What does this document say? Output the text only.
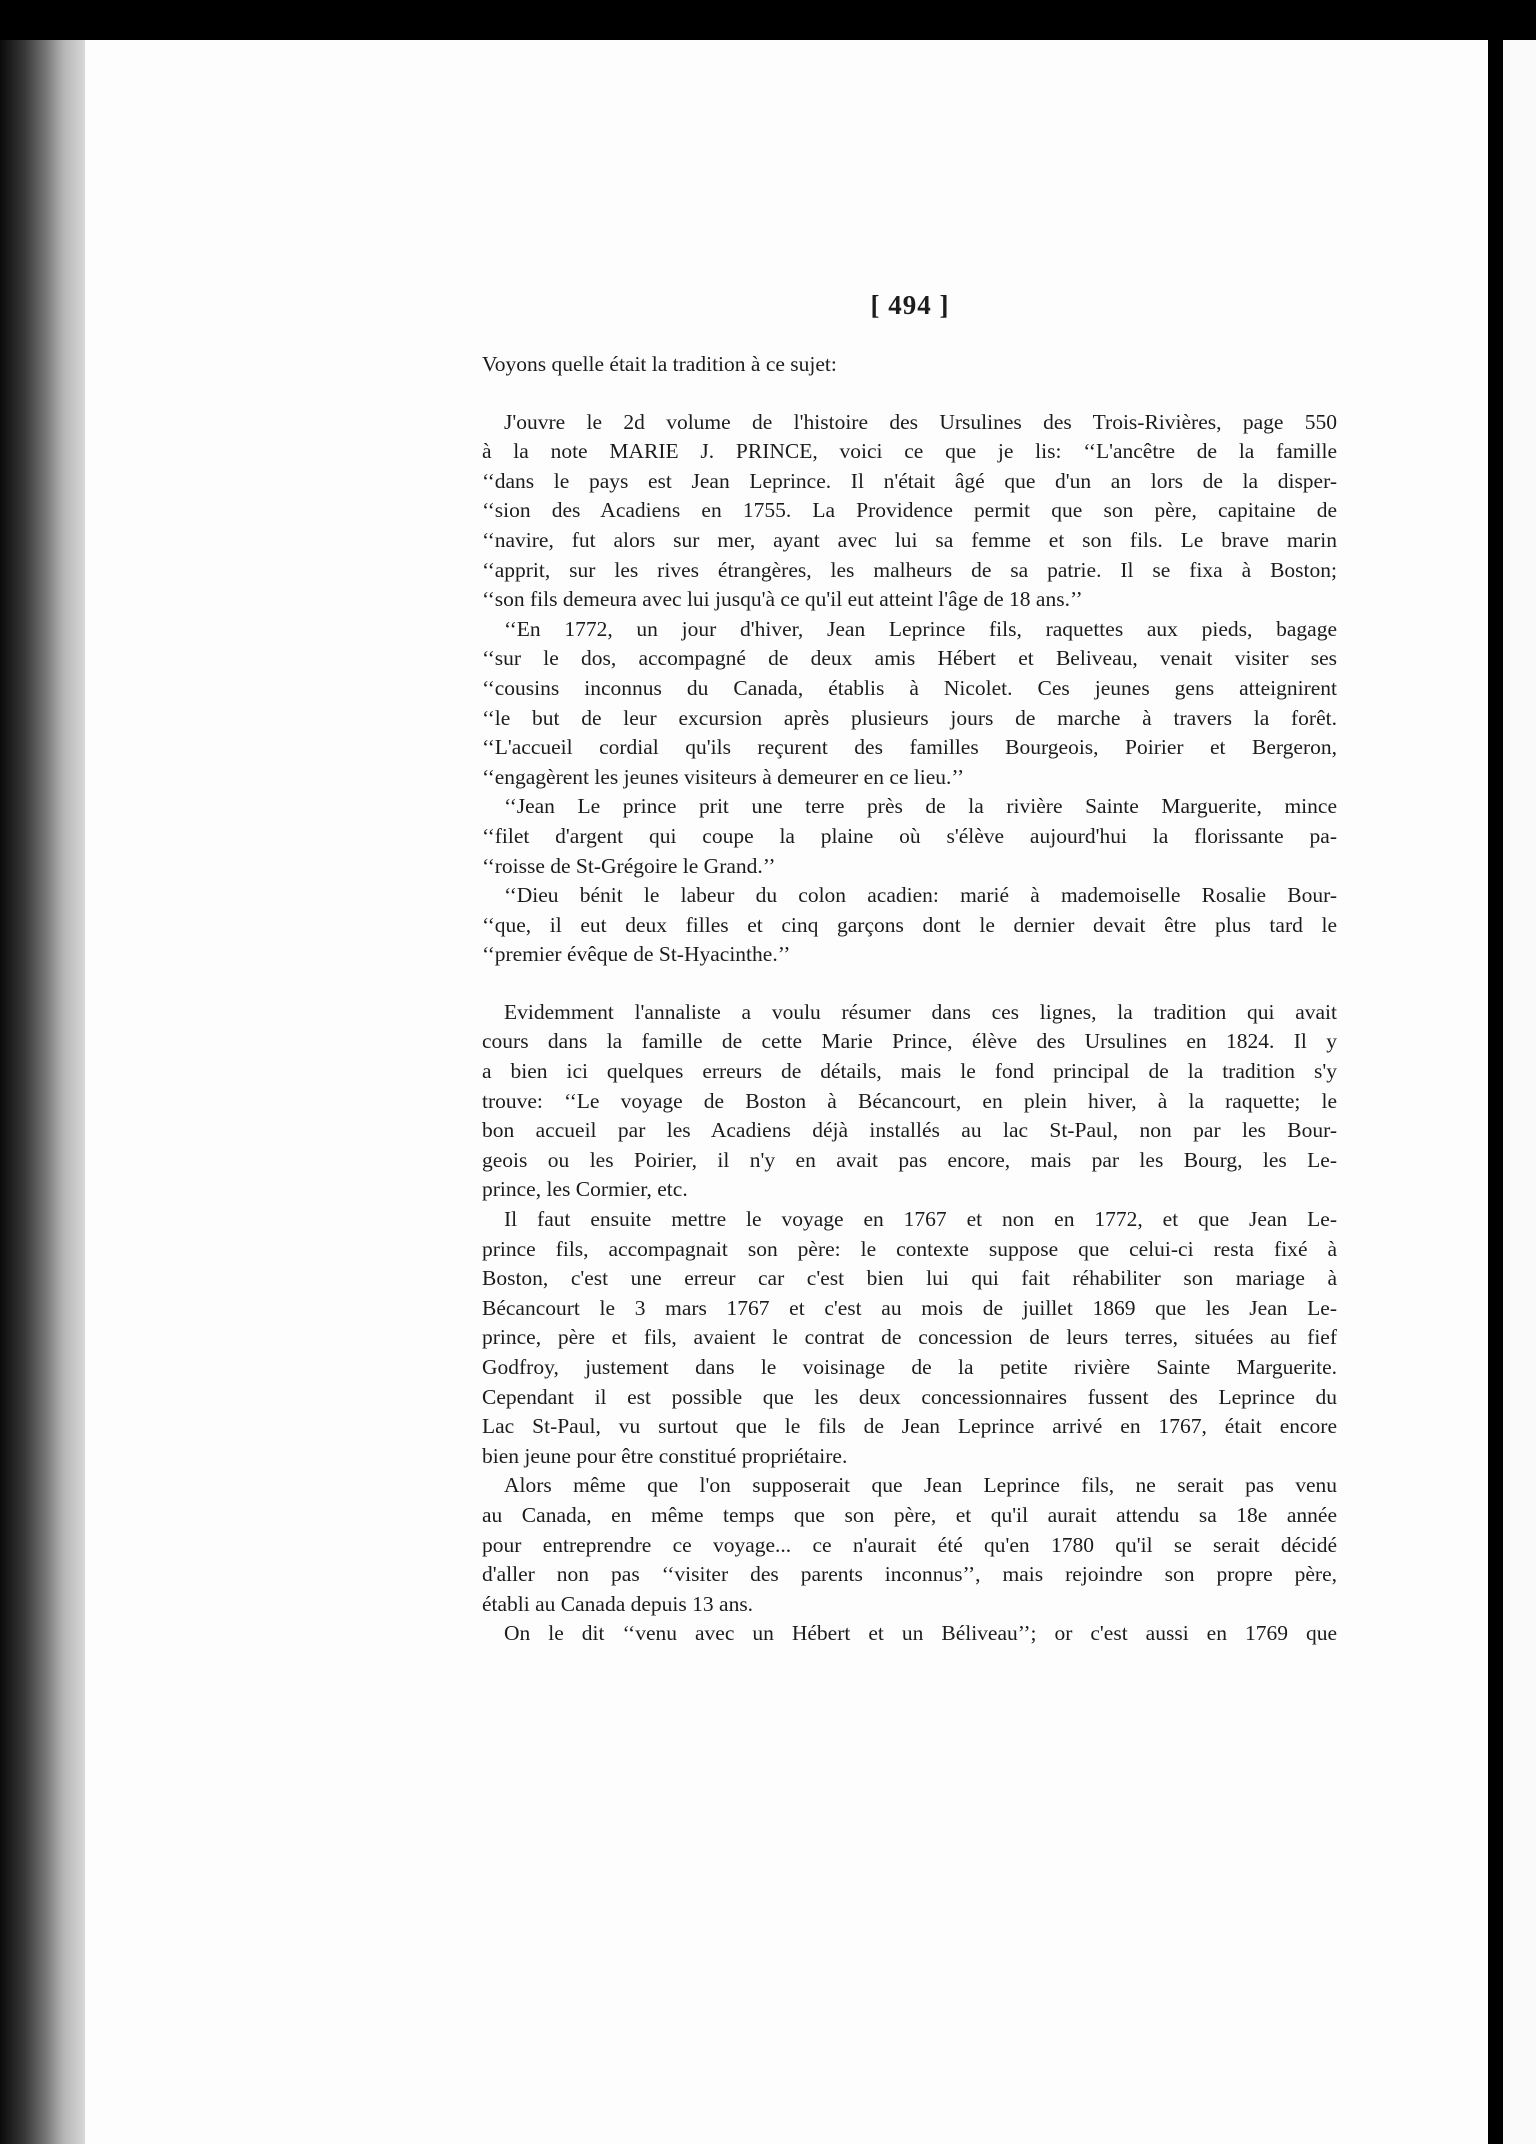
[ 494 ]
Voyons quelle était la tradition à ce sujet:
J'ouvre le 2d volume de l'histoire des Ursulines des Trois-Rivières, page 550
à la note MARIE J. PRINCE, voici ce que je lis: ‘‘L'ancêtre de la famille
‘‘dans le pays est Jean Leprince. Il n'était âgé que d'un an lors de la disper-
‘‘sion des Acadiens en 1755. La Providence permit que son père, capitaine de
‘‘navire, fut alors sur mer, ayant avec lui sa femme et son fils. Le brave marin
‘‘apprit, sur les rives étrangères, les malheurs de sa patrie. Il se fixa à Boston;
‘‘son fils demeura avec lui jusqu'à ce qu'il eut atteint l'âge de 18 ans.’’
‘‘En 1772, un jour d'hiver, Jean Leprince fils, raquettes aux pieds, bagage
‘‘sur le dos, accompagné de deux amis Hébert et Beliveau, venait visiter ses
‘‘cousins inconnus du Canada, établis à Nicolet. Ces jeunes gens atteignirent
‘‘le but de leur excursion après plusieurs jours de marche à travers la forêt.
‘‘L'accueil cordial qu'ils reçurent des familles Bourgeois, Poirier et Bergeron,
‘‘engagèrent les jeunes visiteurs à demeurer en ce lieu.’’
‘‘Jean Le prince prit une terre près de la rivière Sainte Marguerite, mince
‘‘filet d'argent qui coupe la plaine où s'élève aujourd'hui la florissante pa-
‘‘roisse de St-Grégoire le Grand.’’
‘‘Dieu bénit le labeur du colon acadien: marié à mademoiselle Rosalie Bour-
‘‘que, il eut deux filles et cinq garçons dont le dernier devait être plus tard le
‘‘premier évêque de St-Hyacinthe.’’
Evidemment l'annaliste a voulu résumer dans ces lignes, la tradition qui avait
cours dans la famille de cette Marie Prince, élève des Ursulines en 1824. Il y
a bien ici quelques erreurs de détails, mais le fond principal de la tradition s'y
trouve: ‘‘Le voyage de Boston à Bécancourt, en plein hiver, à la raquette; le
bon accueil par les Acadiens déjà installés au lac St-Paul, non par les Bour-
geois ou les Poirier, il n'y en avait pas encore, mais par les Bourg, les Le-
prince, les Cormier, etc.
Il faut ensuite mettre le voyage en 1767 et non en 1772, et que Jean Le-
prince fils, accompagnait son père: le contexte suppose que celui-ci resta fixé à
Boston, c'est une erreur car c'est bien lui qui fait réhabiliter son mariage à
Bécancourt le 3 mars 1767 et c'est au mois de juillet 1869 que les Jean Le-
prince, père et fils, avaient le contrat de concession de leurs terres, situées au fief
Godfroy, justement dans le voisinage de la petite rivière Sainte Marguerite.
Cependant il est possible que les deux concessionnaires fussent des Leprince du
Lac St-Paul, vu surtout que le fils de Jean Leprince arrivé en 1767, était encore
bien jeune pour être constitué propriétaire.
Alors même que l'on supposerait que Jean Leprince fils, ne serait pas venu
au Canada, en même temps que son père, et qu'il aurait attendu sa 18e année
pour entreprendre ce voyage... ce n'aurait été qu'en 1780 qu'il se serait décidé
d'aller non pas ‘‘visiter des parents inconnus’’, mais rejoindre son propre père,
établi au Canada depuis 13 ans.
On le dit ‘‘venu avec un Hébert et un Béliveau’’; or c'est aussi en 1769 que
